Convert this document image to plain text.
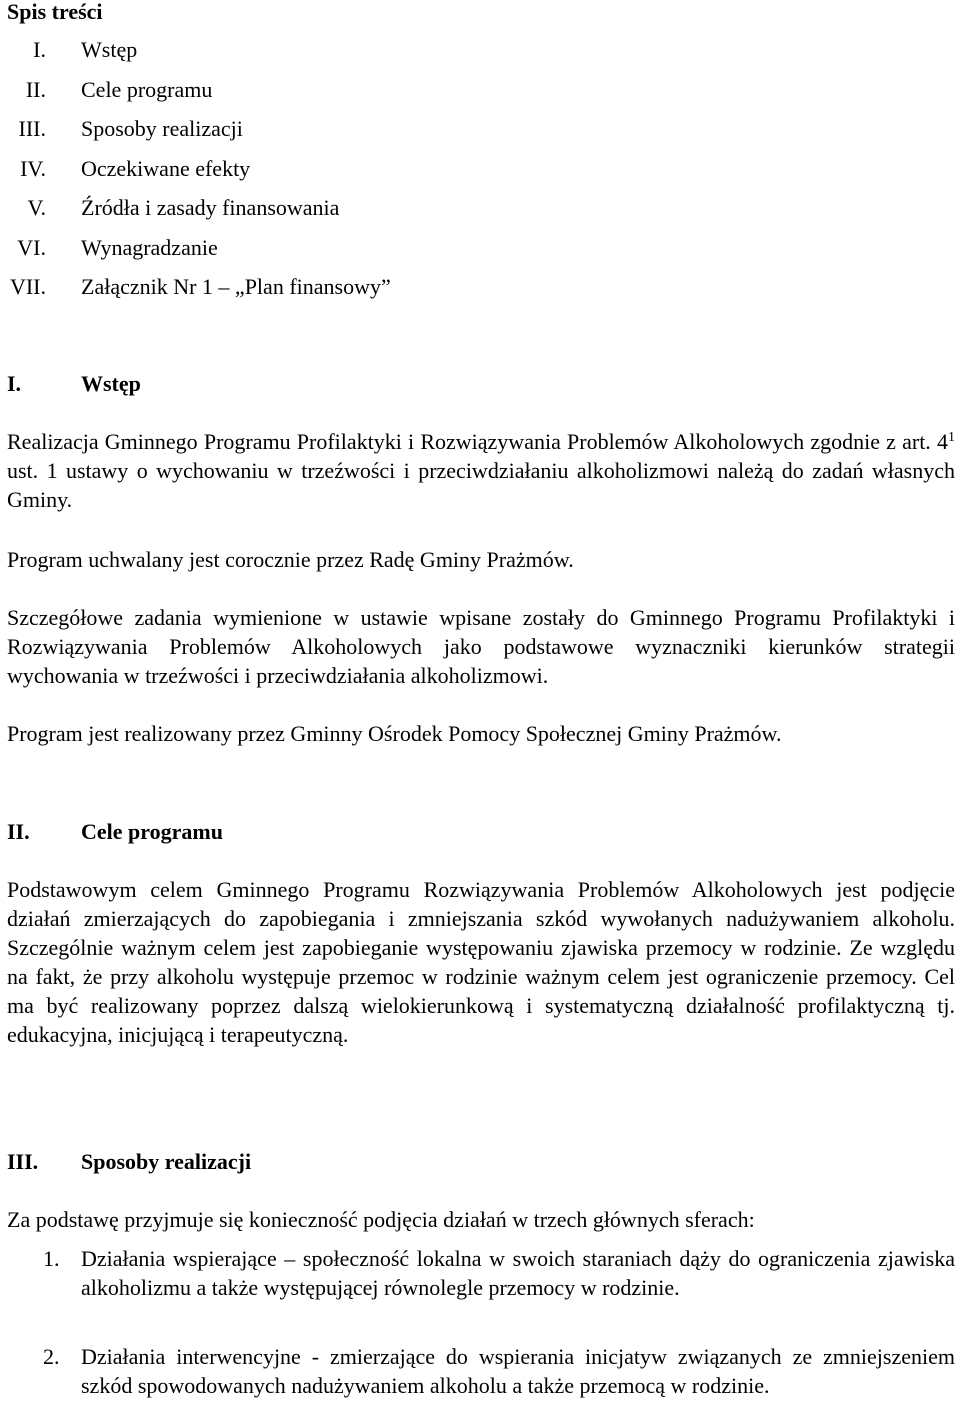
Spis treści
I. Wstęp
II. Cele programu
III. Sposoby realizacji
IV. Oczekiwane efekty
V. Źródła i zasady finansowania
VI. Wynagradzanie
VII. Załącznik Nr 1 ‒ „Plan finansowy”
I.	Wstęp
Realizacja Gminnego Programu Profilaktyki i Rozwiązywania Problemów Alkoholowych zgodnie z art. $4^1$ ust. 1 ustawy o wychowaniu w trzeźwości i przeciwdziałaniu alkoholizmowi należą do zadań własnych Gminy.
Program uchwalany jest corocznie przez Radę Gminy Prażmów.
Szczegółowe zadania wymienione w ustawie wpisane zostały do Gminnego Programu Profilaktyki i Rozwiązywania Problemów Alkoholowych jako podstawowe wyznaczniki kierunków strategii wychowania w trzeźwości i przeciwdziałania alkoholizmowi.
Program jest realizowany przez Gminny Ośrodek Pomocy Społecznej Gminy Prażmów.
II. Cele programu
Podstawowym celem Gminnego Programu Rozwiązywania Problemów Alkoholowych jest podjęcie działań zmierzających do zapobiegania i zmniejszania szkód wywołanych nadużywaniem alkoholu. Szczególnie ważnym celem jest zapobieganie występowaniu zjawiska przemocy w rodzinie. Ze względu na fakt, że przy alkoholu występuje przemoc w rodzinie ważnym celem jest ograniczenie przemocy. Cel ma być realizowany poprzez dalszą wielokierunkową i systematyczną działalność profilaktyczną tj. edukacyjna, inicjującą i terapeutyczną.
III. Sposoby realizacji
Za podstawę przyjmuje się konieczność podjęcia działań w trzech głównych sferach:
1. Działania wspierające ‒ społeczność lokalna w swoich staraniach dąży do ograniczenia zjawiska alkoholizmu a także występującej równolegle przemocy w rodzinie.
2. Działania interwencyjne - zmierzające do wspierania inicjatyw związanych ze zmniejszeniem szkód spowodowanych nadużywaniem alkoholu a także przemocą w rodzinie.
